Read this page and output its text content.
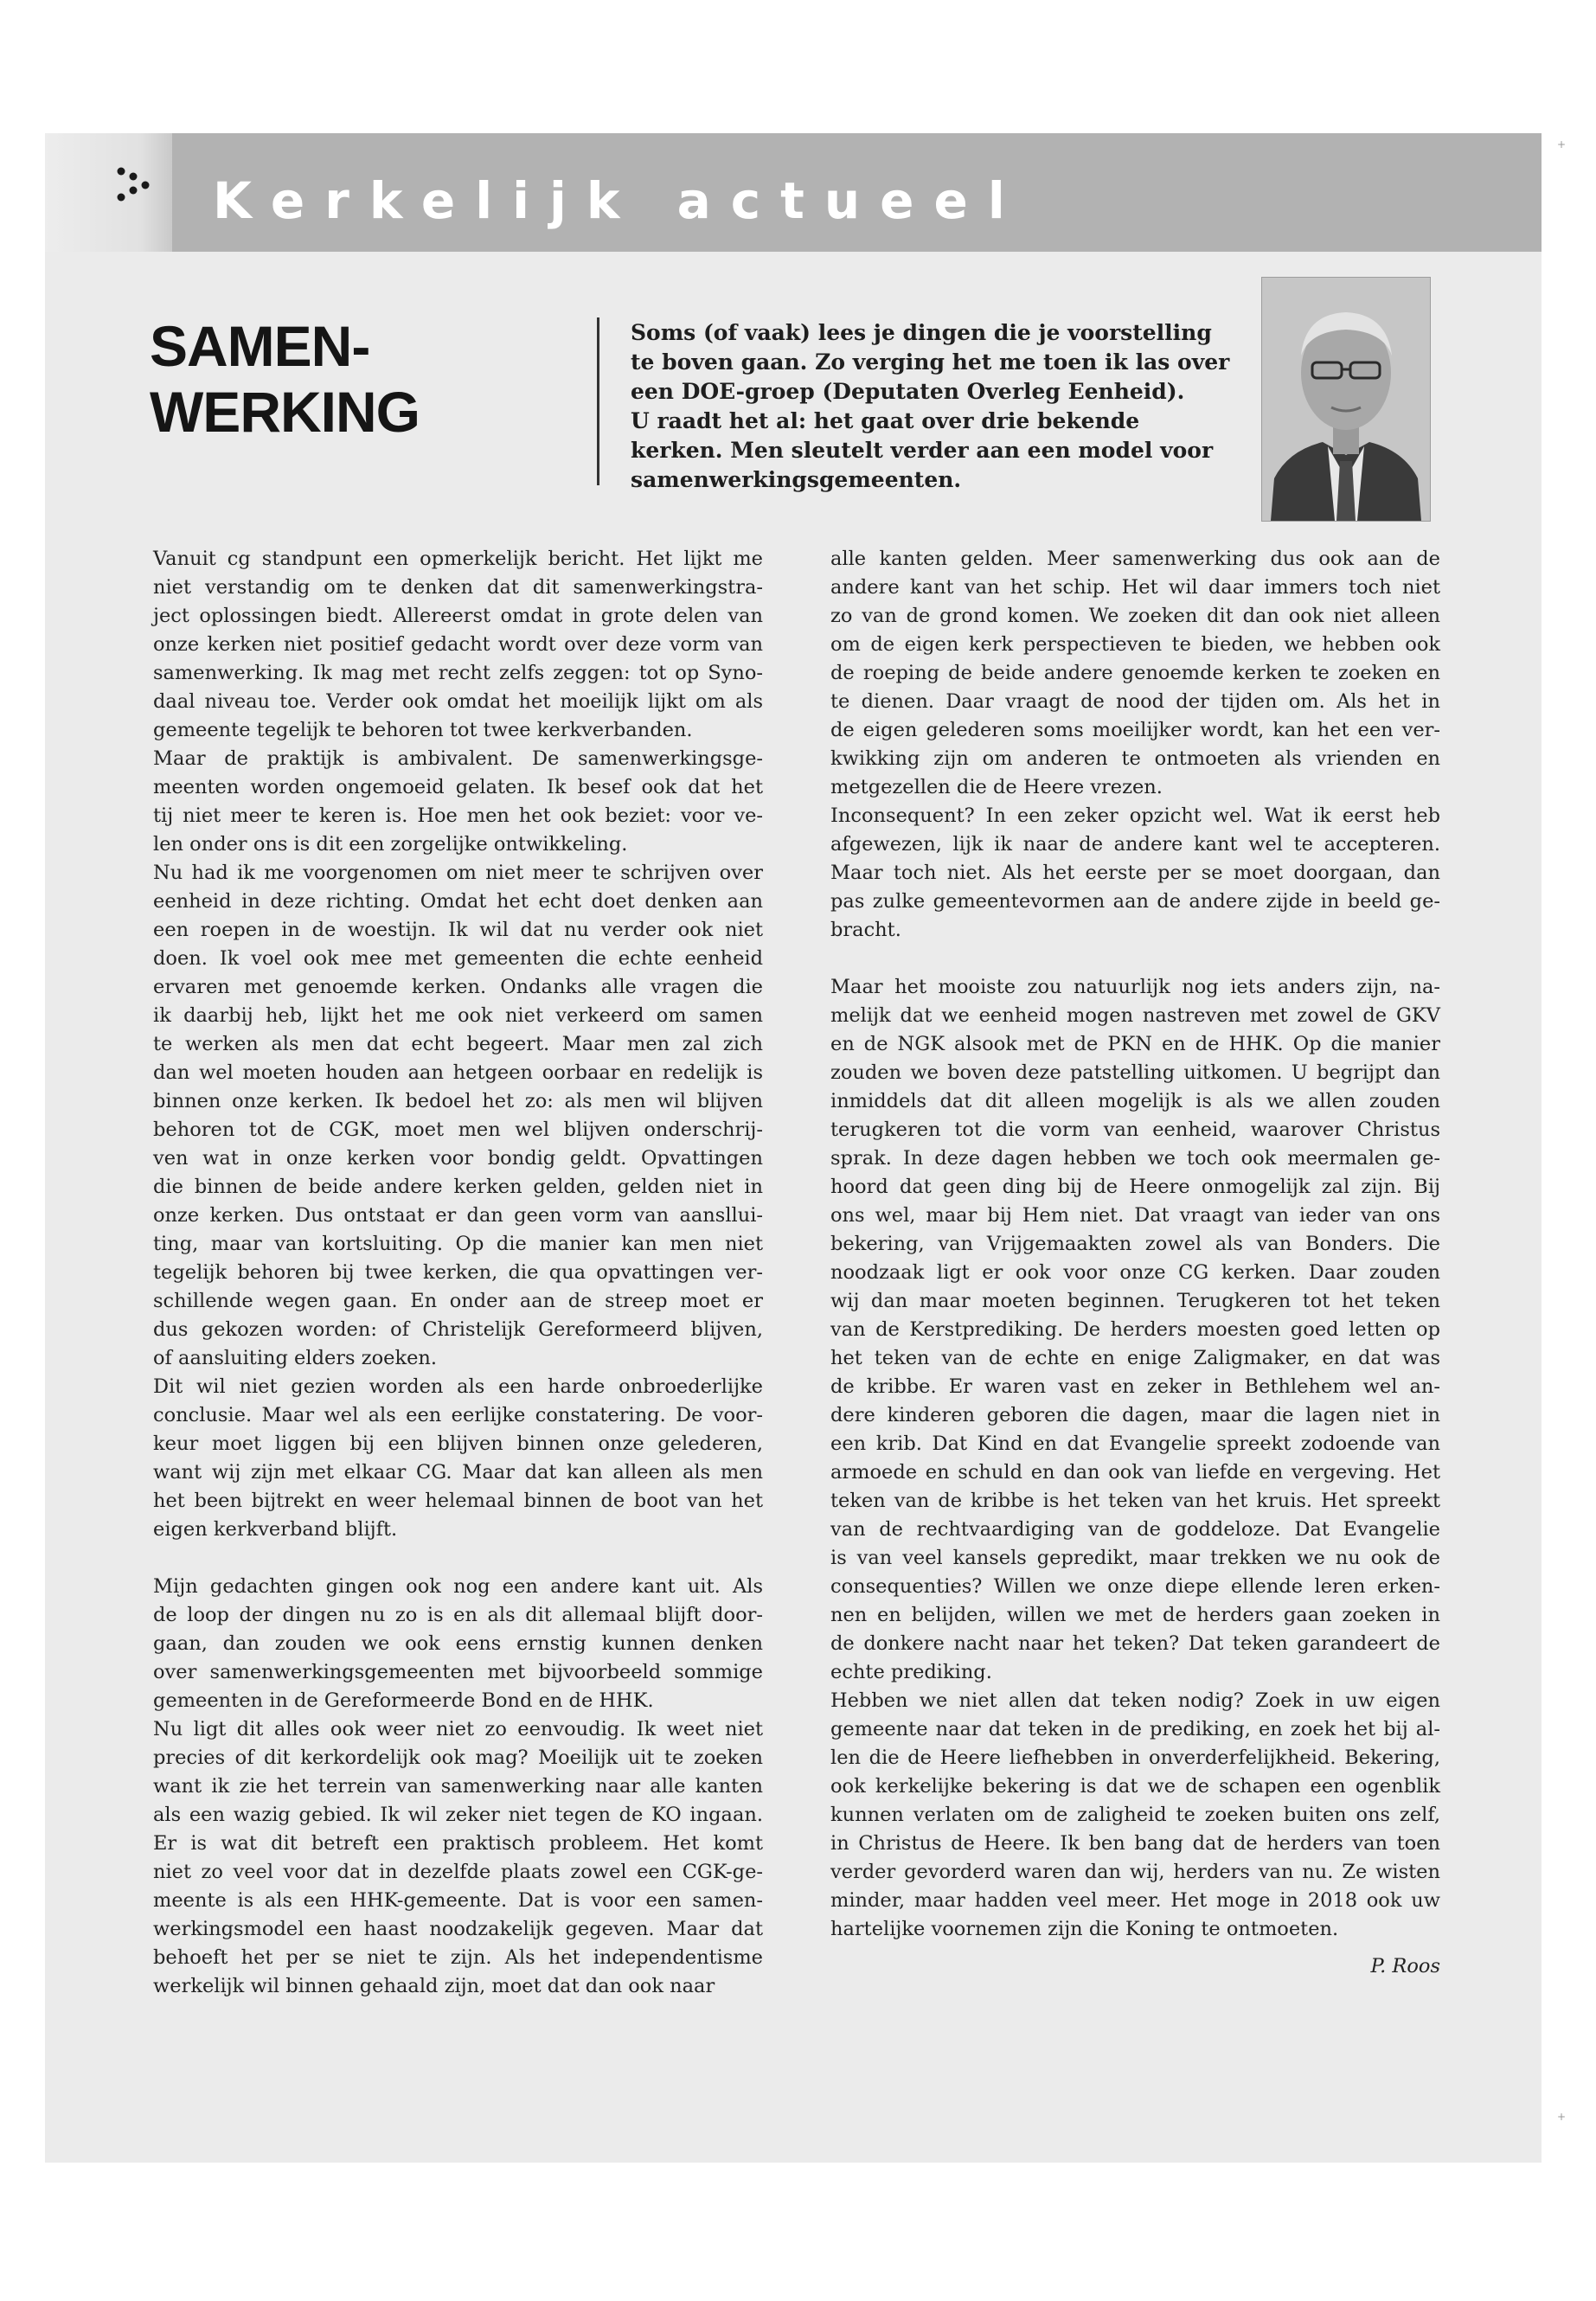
Kerkelijk actueel
SAMEN-
WERKING

Soms (of vaak) lees je dingen die je voorstelling
te boven gaan. Zo verging het me toen ik las over
een DOE-groep (Deputaten Overleg Eenheid).
U raadt het al: het gaat over drie bekende
kerken. Men sleutelt verder aan een model voor
samenwerkingsgemeenten.

Vanuit cg standpunt een opmerkelijk bericht. Het lijkt me
niet verstandig om te denken dat dit samenwerkingstra-
ject oplossingen biedt. Allereerst omdat in grote delen van
onze kerken niet positief gedacht wordt over deze vorm van
samenwerking. Ik mag met recht zelfs zeggen: tot op Syno-
daal niveau toe. Verder ook omdat het moeilijk lijkt om als
gemeente tegelijk te behoren tot twee kerkverbanden.
Maar de praktijk is ambivalent. De samenwerkingsge-
meenten worden ongemoeid gelaten. Ik besef ook dat het
tij niet meer te keren is. Hoe men het ook beziet: voor ve-
len onder ons is dit een zorgelijke ontwikkeling.
Nu had ik me voorgenomen om niet meer te schrijven over
eenheid in deze richting. Omdat het echt doet denken aan
een roepen in de woestijn. Ik wil dat nu verder ook niet
doen. Ik voel ook mee met gemeenten die echte eenheid
ervaren met genoemde kerken. Ondanks alle vragen die
ik daarbij heb, lijkt het me ook niet verkeerd om samen
te werken als men dat echt begeert. Maar men zal zich
dan wel moeten houden aan hetgeen oorbaar en redelijk is
binnen onze kerken. Ik bedoel het zo: als men wil blijven
behoren tot de CGK, moet men wel blijven onderschrij-
ven wat in onze kerken voor bondig geldt. Opvattingen
die binnen de beide andere kerken gelden, gelden niet in
onze kerken. Dus ontstaat er dan geen vorm van aansllui-
ting, maar van kortsluiting. Op die manier kan men niet
tegelijk behoren bij twee kerken, die qua opvattingen ver-
schillende wegen gaan. En onder aan de streep moet er
dus gekozen worden: of Christelijk Gereformeerd blijven,
of aansluiting elders zoeken.
Dit wil niet gezien worden als een harde onbroederlijke
conclusie. Maar wel als een eerlijke constatering. De voor-
keur moet liggen bij een blijven binnen onze gelederen,
want wij zijn met elkaar CG. Maar dat kan alleen als men
het been bijtrekt en weer helemaal binnen de boot van het
eigen kerkverband blijft.
Mijn gedachten gingen ook nog een andere kant uit. Als
de loop der dingen nu zo is en als dit allemaal blijft door-
gaan, dan zouden we ook eens ernstig kunnen denken
over samenwerkingsgemeenten met bijvoorbeeld sommige
gemeenten in de Gereformeerde Bond en de HHK.
Nu ligt dit alles ook weer niet zo eenvoudig. Ik weet niet
precies of dit kerkordelijk ook mag? Moeilijk uit te zoeken
want ik zie het terrein van samenwerking naar alle kanten
als een wazig gebied. Ik wil zeker niet tegen de KO ingaan.
Er is wat dit betreft een praktisch probleem. Het komt
niet zo veel voor dat in dezelfde plaats zowel een CGK-ge-
meente is als een HHK-gemeente. Dat is voor een samen-
werkingsmodel een haast noodzakelijk gegeven. Maar dat
behoeft het per se niet te zijn. Als het independentisme
werkelijk wil binnen gehaald zijn, moet dat dan ook naar
alle kanten gelden. Meer samenwerking dus ook aan de
andere kant van het schip. Het wil daar immers toch niet
zo van de grond komen. We zoeken dit dan ook niet alleen
om de eigen kerk perspectieven te bieden, we hebben ook
de roeping de beide andere genoemde kerken te zoeken en
te dienen. Daar vraagt de nood der tijden om. Als het in
de eigen gelederen soms moeilijker wordt, kan het een ver-
kwikking zijn om anderen te ontmoeten als vrienden en
metgezellen die de Heere vrezen.
Inconsequent? In een zeker opzicht wel. Wat ik eerst heb
afgewezen, lijk ik naar de andere kant wel te accepteren.
Maar toch niet. Als het eerste per se moet doorgaan, dan
pas zulke gemeentevormen aan de andere zijde in beeld ge-
bracht.
Maar het mooiste zou natuurlijk nog iets anders zijn, na-
melijk dat we eenheid mogen nastreven met zowel de GKV
en de NGK alsook met de PKN en de HHK. Op die manier
zouden we boven deze patstelling uitkomen. U begrijpt dan
inmiddels dat dit alleen mogelijk is als we allen zouden
terugkeren tot die vorm van eenheid, waarover Christus
sprak. In deze dagen hebben we toch ook meermalen ge-
hoord dat geen ding bij de Heere onmogelijk zal zijn. Bij
ons wel, maar bij Hem niet. Dat vraagt van ieder van ons
bekering, van Vrijgemaakten zowel als van Bonders. Die
noodzaak ligt er ook voor onze CG kerken. Daar zouden
wij dan maar moeten beginnen. Terugkeren tot het teken
van de Kerstprediking. De herders moesten goed letten op
het teken van de echte en enige Zaligmaker, en dat was
de kribbe. Er waren vast en zeker in Bethlehem wel an-
dere kinderen geboren die dagen, maar die lagen niet in
een krib. Dat Kind en dat Evangelie spreekt zodoende van
armoede en schuld en dan ook van liefde en vergeving. Het
teken van de kribbe is het teken van het kruis. Het spreekt
van de rechtvaardiging van de goddeloze. Dat Evangelie
is van veel kansels gepredikt, maar trekken we nu ook de
consequenties? Willen we onze diepe ellende leren erken-
nen en belijden, willen we met de herders gaan zoeken in
de donkere nacht naar het teken? Dat teken garandeert de
echte prediking.
Hebben we niet allen dat teken nodig? Zoek in uw eigen
gemeente naar dat teken in de prediking, en zoek het bij al-
len die de Heere liefhebben in onverderfelijkheid. Bekering,
ook kerkelijke bekering is dat we de schapen een ogenblik
kunnen verlaten om de zaligheid te zoeken buiten ons zelf,
in Christus de Heere. Ik ben bang dat de herders van toen
verder gevorderd waren dan wij, herders van nu. Ze wisten
minder, maar hadden veel meer. Het moge in 2018 ook uw
hartelijke voornemen zijn die Koning te ontmoeten.
P. Roos
+
+
